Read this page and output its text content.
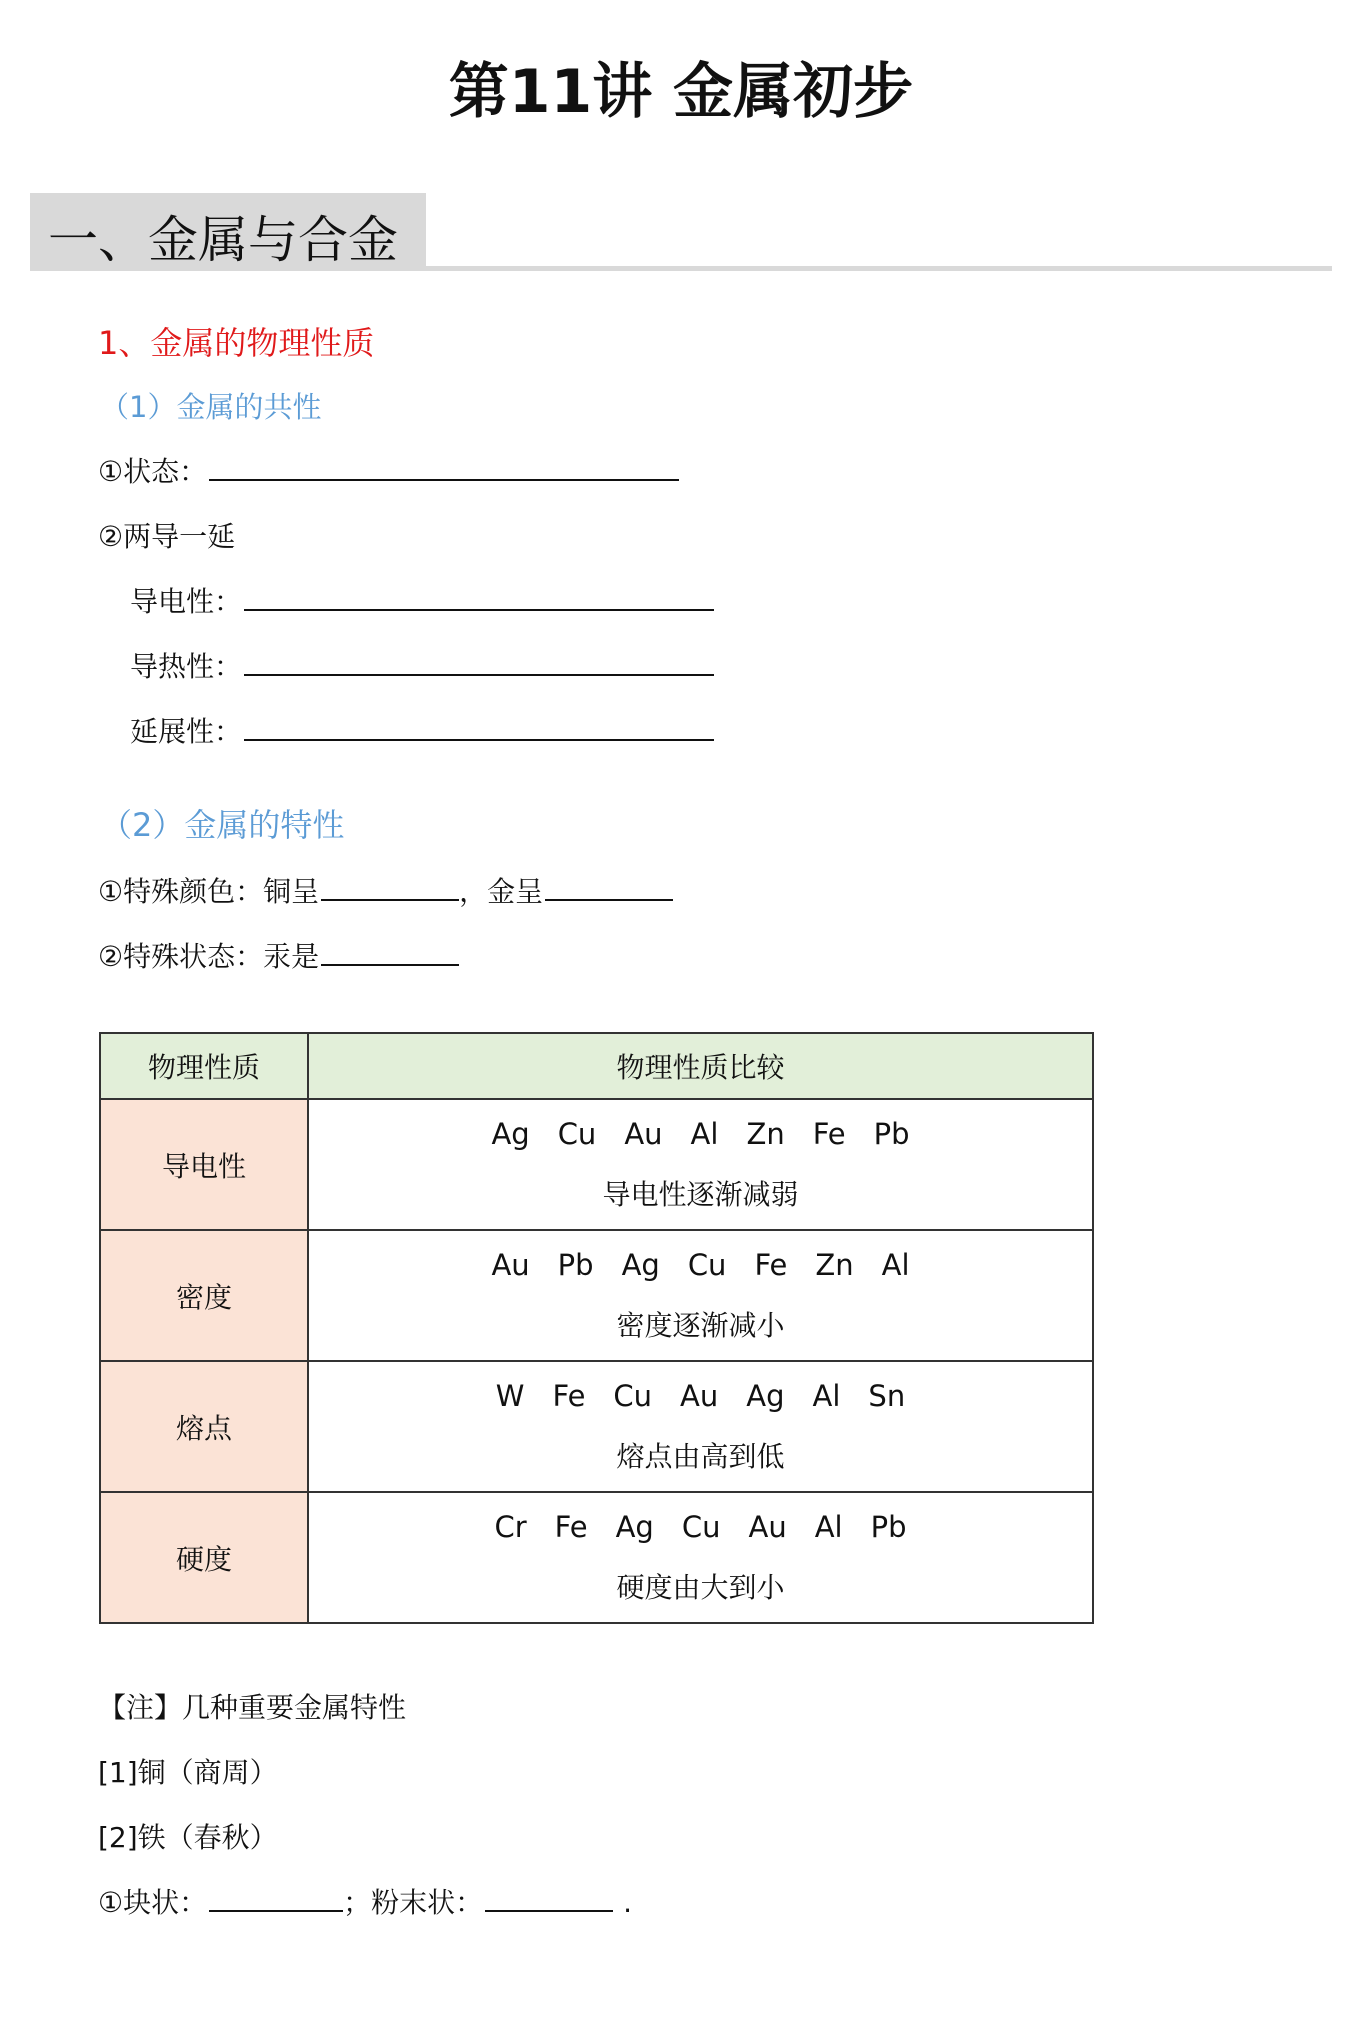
第11讲 金属初步
一、金属与合金
1、金属的物理性质
（1）金属的共性
①状态：
②两导一延
导电性：
导热性：
延展性：
（2）金属的特性
①特殊颜色：铜呈	，金呈
②特殊状态：汞是
物理性质	物理性质比较
导电性	Ag Cu Au Al Zn Fe Pb
导电性逐渐减弱

密度	Au Pb Ag Cu Fe Zn Al
密度逐渐减小

熔点	W Fe Cu Au Ag Al Sn
熔点由高到低

硬度	Cr Fe Ag Cu Au Al Pb
硬度由大到小
【注】几种重要金属特性
[1]铜（商周）
[2]铁（春秋）
①块状：	；粉末状：	.
